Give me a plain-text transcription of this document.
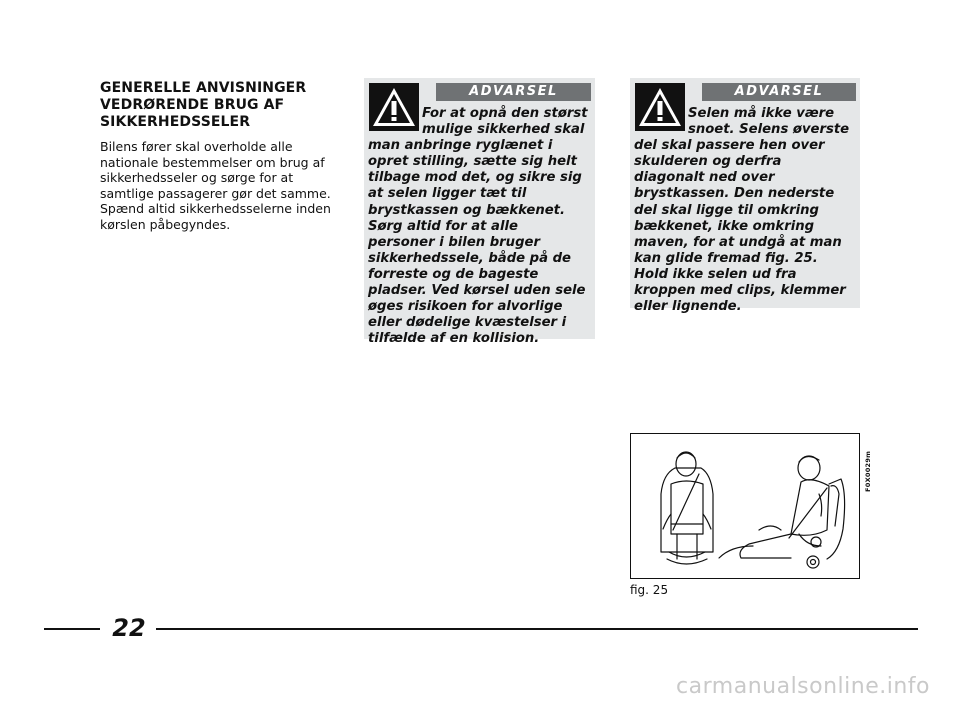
GENERELLE ANVISNINGER VEDRØRENDE BRUG AF SIKKERHEDSSELER

Bilens fører skal overholde alle nationale bestemmelser om brug af sikkerhedsseler og sørge for at samtlige passagerer gør det samme. Spænd altid sikkerhedsselerne inden kørslen påbegyndes.

ADVARSEL
For at opnå den størst mulige sikkerhed skal man anbringe ryglænet i opret stilling, sætte sig helt tilbage mod det, og sikre sig at selen ligger tæt til brystkassen og bækkenet. Sørg altid for at alle personer i bilen bruger sikkerhedssele, både på de forreste og de bageste pladser. Ved kørsel uden sele øges risikoen for alvorlige eller dødelige kvæstelser i tilfælde af en kollision.
ADVARSEL
Selen må ikke være snoet. Selens øverste del skal passere hen over skulderen og derfra diagonalt ned over brystkassen. Den nederste del skal ligge til omkring bækkenet, ikke omkring maven, for at undgå at man kan glide fremad fig. 25. Hold ikke selen ud fra kroppen med clips, klemmer eller lignende.
F0X0029m
fig. 25
22
carmanualsonline.info
